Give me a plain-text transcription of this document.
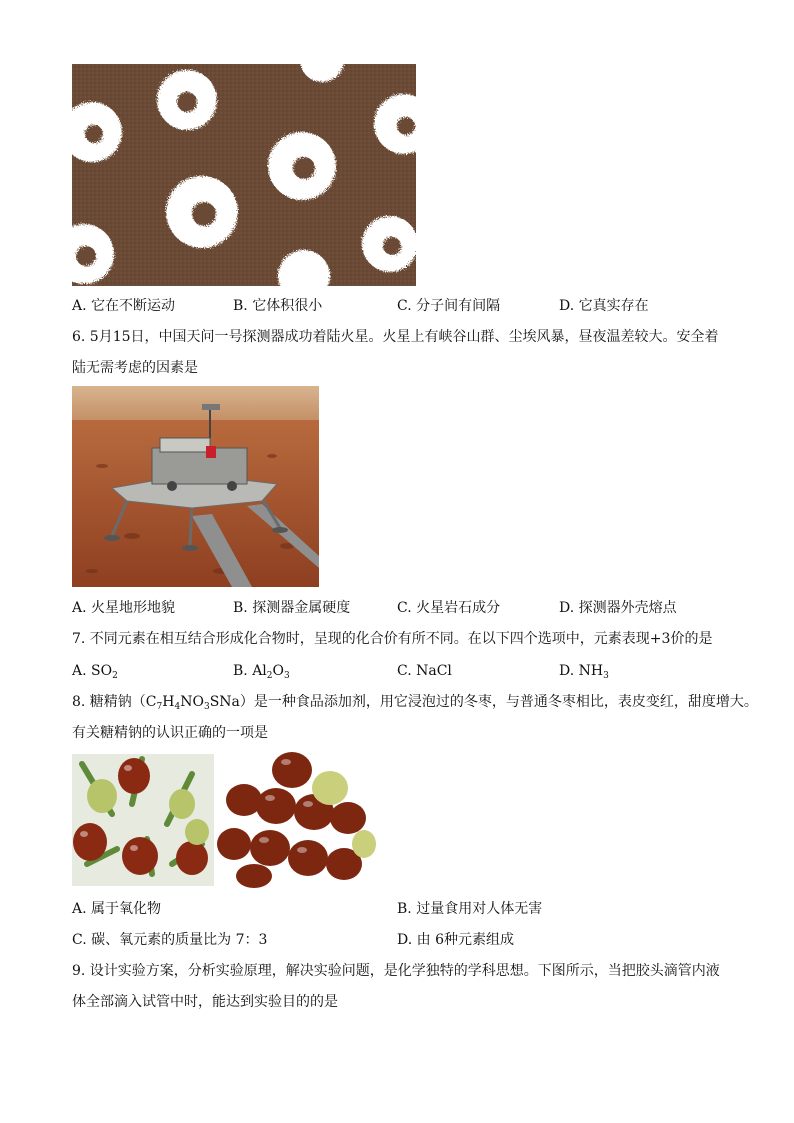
A. 它在不断运动	B. 它体积很小	C. 分子间有间隔	D. 它真实存在
6. 5月15日，中国天问一号探测器成功着陆火星。火星上有峡谷山群、尘埃风暴，昼夜温差较大。安全着
陆无需考虑的因素是
A. 火星地形地貌	B. 探测器金属硬度	C. 火星岩石成分	D. 探测器外壳熔点
7. 不同元素在相互结合形成化合物时，呈现的化合价有所不同。在以下四个选项中，元素表现+3价的是
A. $SO_2$	B. $Al_2O_3$	C. NaCl	D. $NH_3$
8. 糖精钠$(C_7H_4NO_3SNa)$是一种食品添加剂，用它浸泡过的冬枣，与普通冬枣相比，表皮变红，甜度增大。
有关糖精钠的认识正确的一项是
A. 属于氧化物	B. 过量食用对人体无害
C. 碳、氧元素的质量比为 7：3	D. 由 6种元素组成
9. 设计实验方案，分析实验原理，解决实验问题，是化学独特的学科思想。下图所示，当把胶头滴管内液
体全部滴入试管中时，能达到实验目的的是
